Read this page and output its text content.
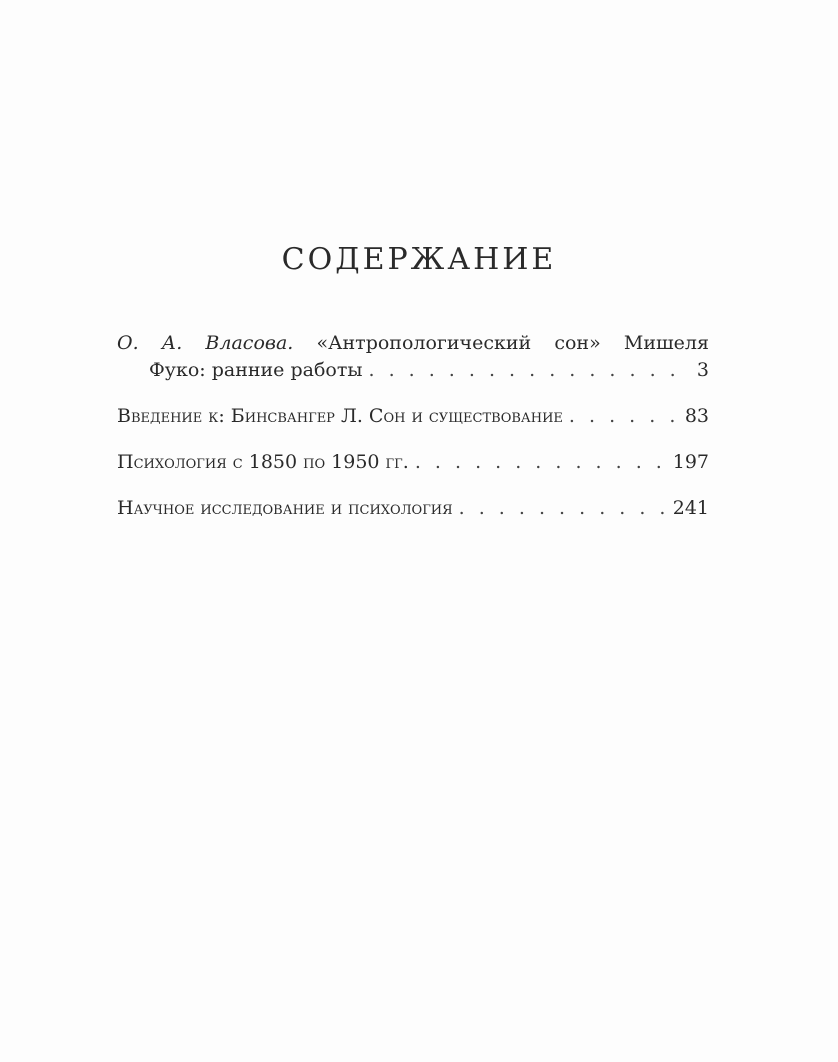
СОДЕРЖАНИЕ
О. А. Власова. «Антропологический сон» Мишеля
Фуко: ранние работы . . .	3
Введение к: Бинсвангер Л. Сон и существование . . .	83
Психология с 1850 по 1950 гг. . . .	197
Научное исследование и психология . . .	241
